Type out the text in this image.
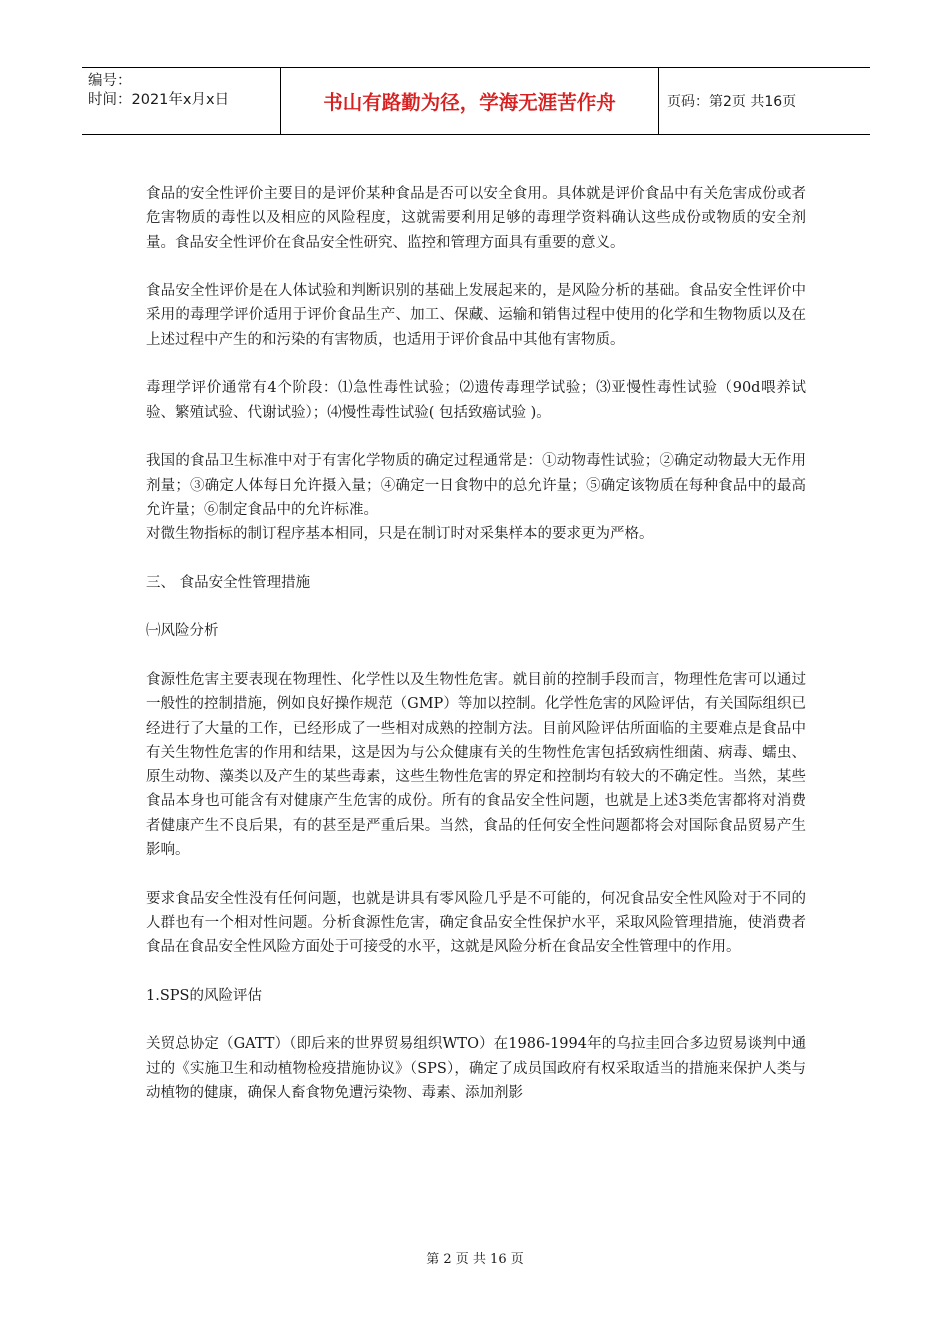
编号：
时间：2021年x月x日	书山有路勤为径，学海无涯苦作舟	页码：第2页 共16页

食品的安全性评价主要目的是评价某种食品是否可以安全食用。具体就是评价食品中有关危害成份或者危害物质的毒性以及相应的风险程度，这就需要利用足够的毒理学资料确认这些成份或物质的安全剂量。食品安全性评价在食品安全性研究、监控和管理方面具有重要的意义。

食品安全性评价是在人体试验和判断识别的基础上发展起来的，是风险分析的基础。食品安全性评价中采用的毒理学评价适用于评价食品生产、加工、保藏、运输和销售过程中使用的化学和生物物质以及在上述过程中产生的和污染的有害物质，也适用于评价食品中其他有害物质。

毒理学评价通常有4个阶段：⑴急性毒性试验；⑵遗传毒理学试验；⑶亚慢性毒性试验（90d喂养试验、繁殖试验、代谢试验）；⑷慢性毒性试验( 包括致癌试验 )。

我国的食品卫生标准中对于有害化学物质的确定过程通常是：①动物毒性试验；②确定动物最大无作用剂量；③确定人体每日允许摄入量；④确定一日食物中的总允许量；⑤确定该物质在每种食品中的最高允许量；⑥制定食品中的允许标准。

对微生物指标的制订程序基本相同，只是在制订时对采集样本的要求更为严格。

三、 食品安全性管理措施

㈠风险分析

食源性危害主要表现在物理性、化学性以及生物性危害。就目前的控制手段而言，物理性危害可以通过一般性的控制措施，例如良好操作规范（GMP）等加以控制。化学性危害的风险评估，有关国际组织已经进行了大量的工作，已经形成了一些相对成熟的控制方法。目前风险评估所面临的主要难点是食品中有关生物性危害的作用和结果，这是因为与公众健康有关的生物性危害包括致病性细菌、病毒、蠕虫、原生动物、藻类以及产生的某些毒素，这些生物性危害的界定和控制均有较大的不确定性。当然，某些食品本身也可能含有对健康产生危害的成份。所有的食品安全性问题，也就是上述3类危害都将对消费者健康产生不良后果，有的甚至是严重后果。当然，食品的任何安全性问题都将会对国际食品贸易产生影响。

要求食品安全性没有任何问题，也就是讲具有零风险几乎是不可能的，何况食品安全性风险对于不同的人群也有一个相对性问题。分析食源性危害，确定食品安全性保护水平，采取风险管理措施，使消费者食品在食品安全性风险方面处于可接受的水平，这就是风险分析在食品安全性管理中的作用。

1.SPS的风险评估

关贸总协定（GATT）（即后来的世界贸易组织WTO）在1986-1994年的乌拉圭回合多边贸易谈判中通过的《实施卫生和动植物检疫措施协议》（SPS），确定了成员国政府有权采取适当的措施来保护人类与动植物的健康，确保人畜食物免遭污染物、毒素、添加剂影

第 2 页 共 16 页
